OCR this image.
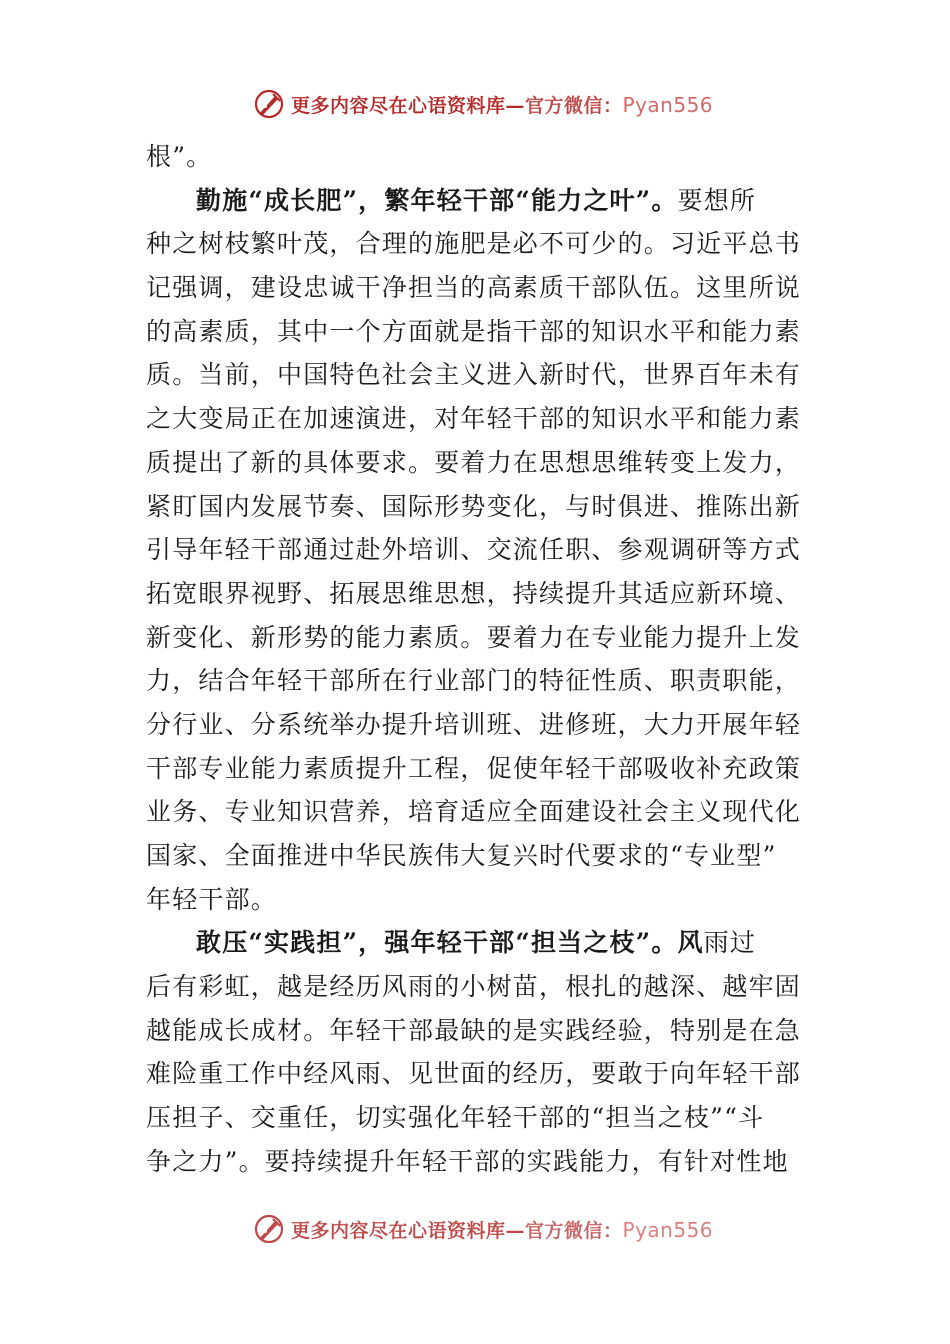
更多内容尽在心语资料库—官方微信：Pyan556
根”。
勤施“成长肥”，繁年轻干部“能力之叶”。要想所
种之树枝繁叶茂，合理的施肥是必不可少的。习近平总书
记强调，建设忠诚干净担当的高素质干部队伍。这里所说
的高素质，其中一个方面就是指干部的知识水平和能力素
质。当前，中国特色社会主义进入新时代，世界百年未有
之大变局正在加速演进，对年轻干部的知识水平和能力素
质提出了新的具体要求。要着力在思想思维转变上发力，
紧盯国内发展节奏、国际形势变化，与时俱进、推陈出新
引导年轻干部通过赴外培训、交流任职、参观调研等方式
拓宽眼界视野、拓展思维思想，持续提升其适应新环境、
新变化、新形势的能力素质。要着力在专业能力提升上发
力，结合年轻干部所在行业部门的特征性质、职责职能，
分行业、分系统举办提升培训班、进修班，大力开展年轻
干部专业能力素质提升工程，促使年轻干部吸收补充政策
业务、专业知识营养，培育适应全面建设社会主义现代化
国家、全面推进中华民族伟大复兴时代要求的“专业型”
年轻干部。
敢压“实践担”，强年轻干部“担当之枝”。风雨过
后有彩虹，越是经历风雨的小树苗，根扎的越深、越牢固
越能成长成材。年轻干部最缺的是实践经验，特别是在急
难险重工作中经风雨、见世面的经历，要敢于向年轻干部
压担子、交重任，切实强化年轻干部的“担当之枝”“斗
争之力”。要持续提升年轻干部的实践能力，有针对性地
更多内容尽在心语资料库—官方微信：Pyan556
